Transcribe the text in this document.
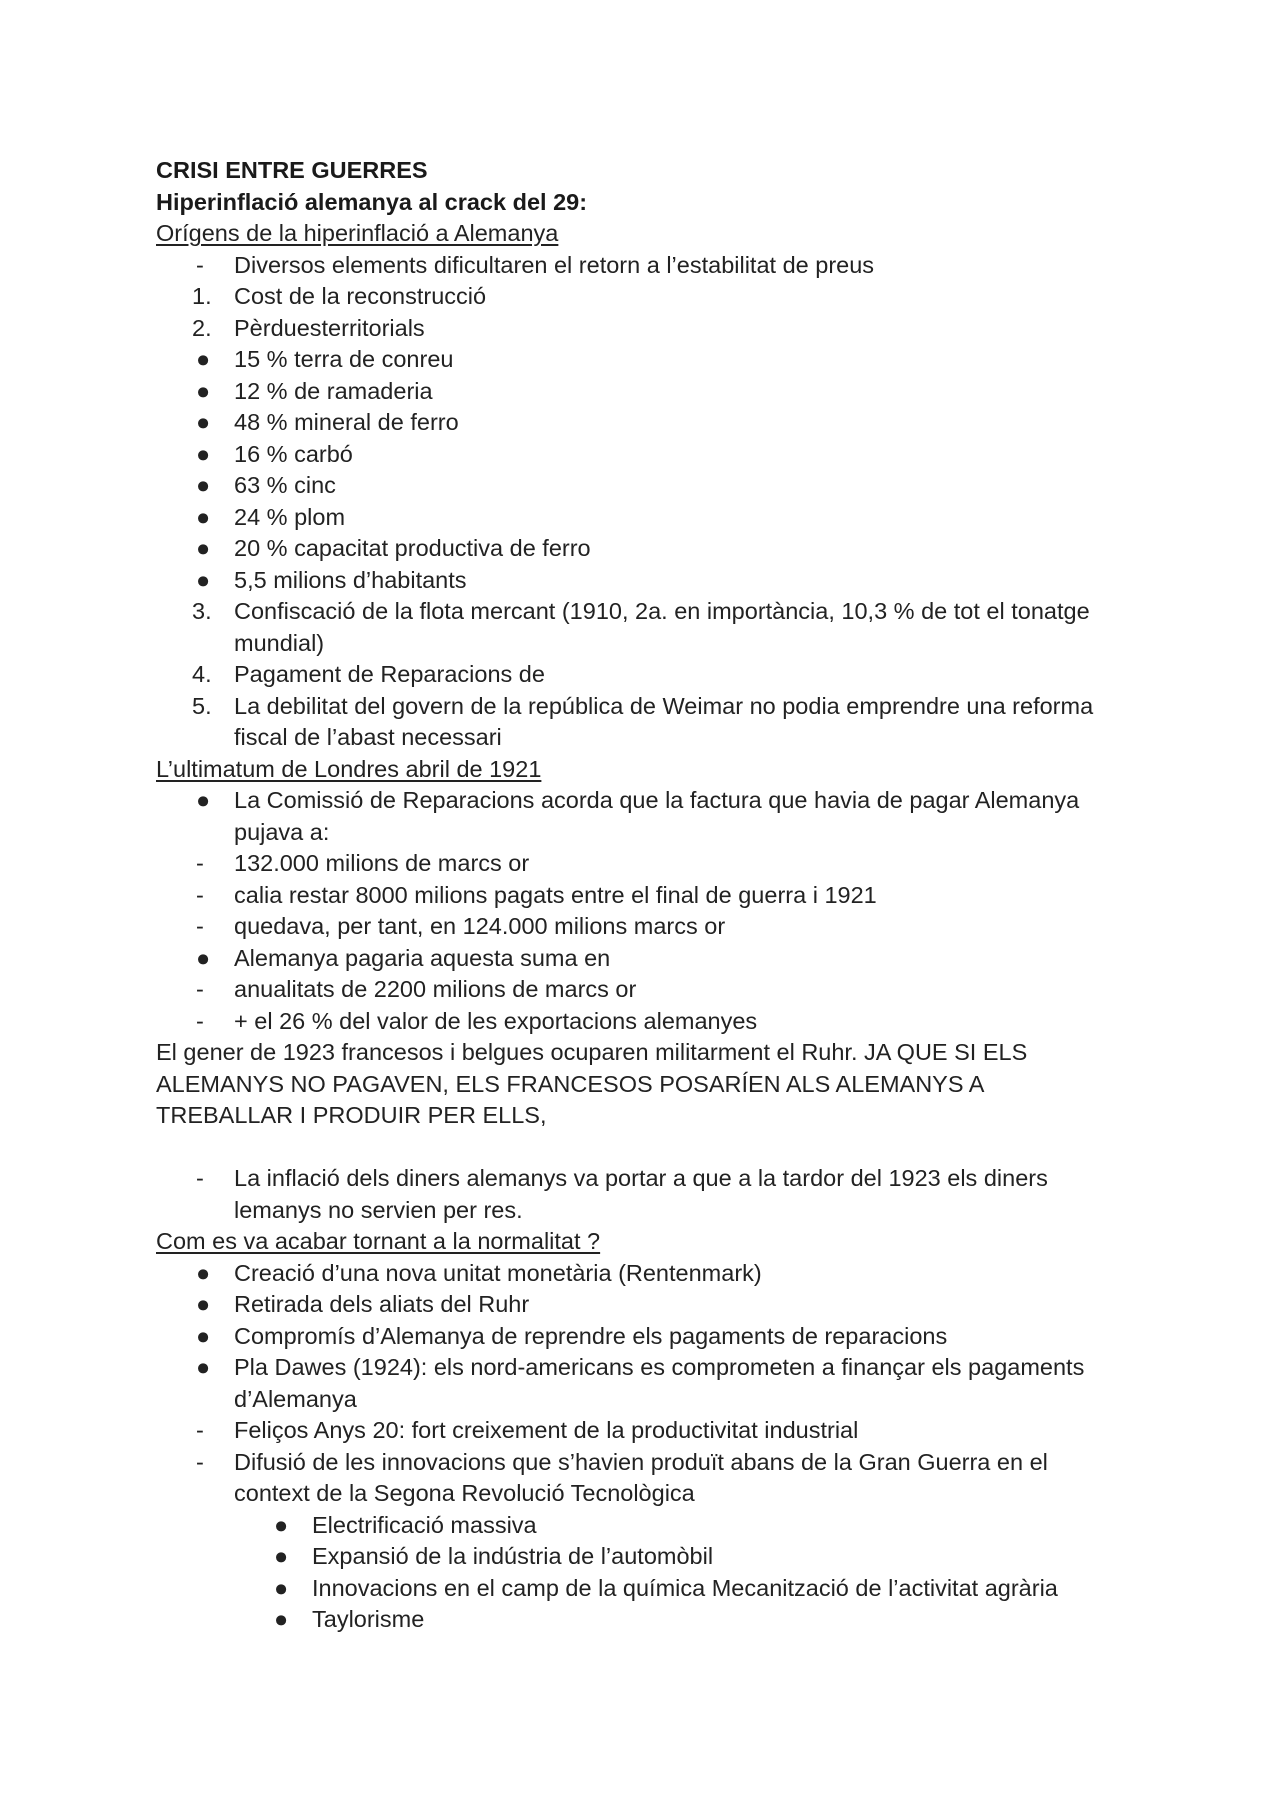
CRISI ENTRE GUERRES
Hiperinflació alemanya al crack del 29:
Orígens de la hiperinflació a Alemanya
-	Diversos elements dificultaren el retorn a l’estabilitat de preus
1. Cost de la reconstrucció
2. Pèrduesterritorials
●	15 % terra de conreu
●	12 % de ramaderia
●	48 % mineral de ferro
●	16 % carbó
●	63 % cinc
●	24 % plom
●	20 % capacitat productiva de ferro
●	5,5 milions d’habitants
3. Confiscació de la flota mercant (1910, 2a. en importància, 10,3 % de tot el tonatge mundial)
4. Pagament de Reparacions de
5. La debilitat del govern de la república de Weimar no podia emprendre una reforma fiscal de l’abast necessari
L’ultimatum de Londres abril de 1921
●	La Comissió de Reparacions acorda que la factura que havia de pagar Alemanya pujava a:
-	132.000 milions de marcs or
-	calia restar 8000 milions pagats entre el final de guerra i 1921
-	quedava, per tant, en 124.000 milions marcs or
●	Alemanya pagaria aquesta suma en
-	anualitats de 2200 milions de marcs or
-	+ el 26 % del valor de les exportacions alemanyes
El gener de 1923 francesos i belgues ocuparen militarment el Ruhr. JA QUE SI ELS
ALEMANYS NO PAGAVEN, ELS FRANCESOS POSARÍEN ALS ALEMANYS A
TREBALLAR I PRODUIR PER ELLS,
-	La inflació dels diners alemanys va portar a que a la tardor del 1923 els diners lemanys no servien per res.
Com es va acabar tornant a la normalitat ?
●	Creació d’una nova unitat monetària (Rentenmark)
●	Retirada dels aliats del Ruhr
●	Compromís d’Alemanya de reprendre els pagaments de reparacions
●	Pla Dawes (1924): els nord-americans es comprometen a finançar els pagaments d’Alemanya
-	Feliços Anys 20: fort creixement de la productivitat industrial
-	Difusió de les innovacions que s’havien produït abans de la Gran Guerra en el context de la Segona Revolució Tecnològica
●	Electrificació massiva
●	Expansió de la indústria de l’automòbil
●	Innovacions en el camp de la química Mecanització de l’activitat agrària
●	Taylorisme
